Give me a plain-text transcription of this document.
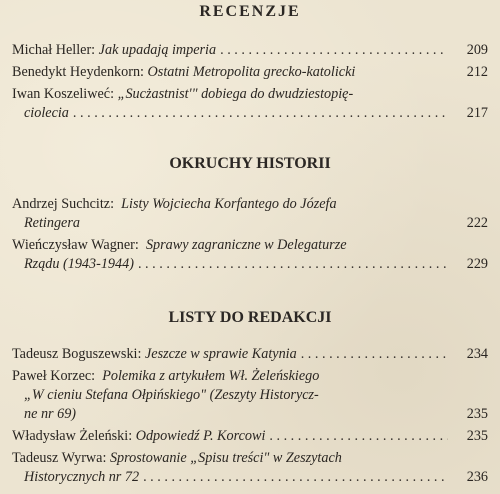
RECENZJE
Michał Heller:
Jak upadają imperia . . .	209
Benedykt Heydenkorn:
Ostatni Metropolita grecko-katolicki	212
Iwan Koszeliweć:
„Sucżastnist'" dobiega do dwudziestopię-
ciolecia . . .	217
OKRUCHY HISTORII
Andrzej Suchcitz:
Listy Wojciecha Korfantego do Józefa
Retingera	222
Wieńczysław Wagner:
Sprawy zagraniczne w Delegaturze
Rządu (1943-1944) . . .	229
LISTY DO REDAKCJI
Tadeusz Boguszewski:
Jeszcze w sprawie Katynia . . .	234
Paweł Korzec:
Polemika z artykułem Wł. Żeleńskiego
„W cieniu Stefana Ołpińskiego" (Zeszyty Historycz-
ne nr 69)	235
Władysław Żeleński:
Odpowiedź P. Korcowi . . .	235
Tadeusz Wyrwa:
Sprostowanie „Spisu treści" w Zeszytach
Historycznych nr 72 . . .	236
